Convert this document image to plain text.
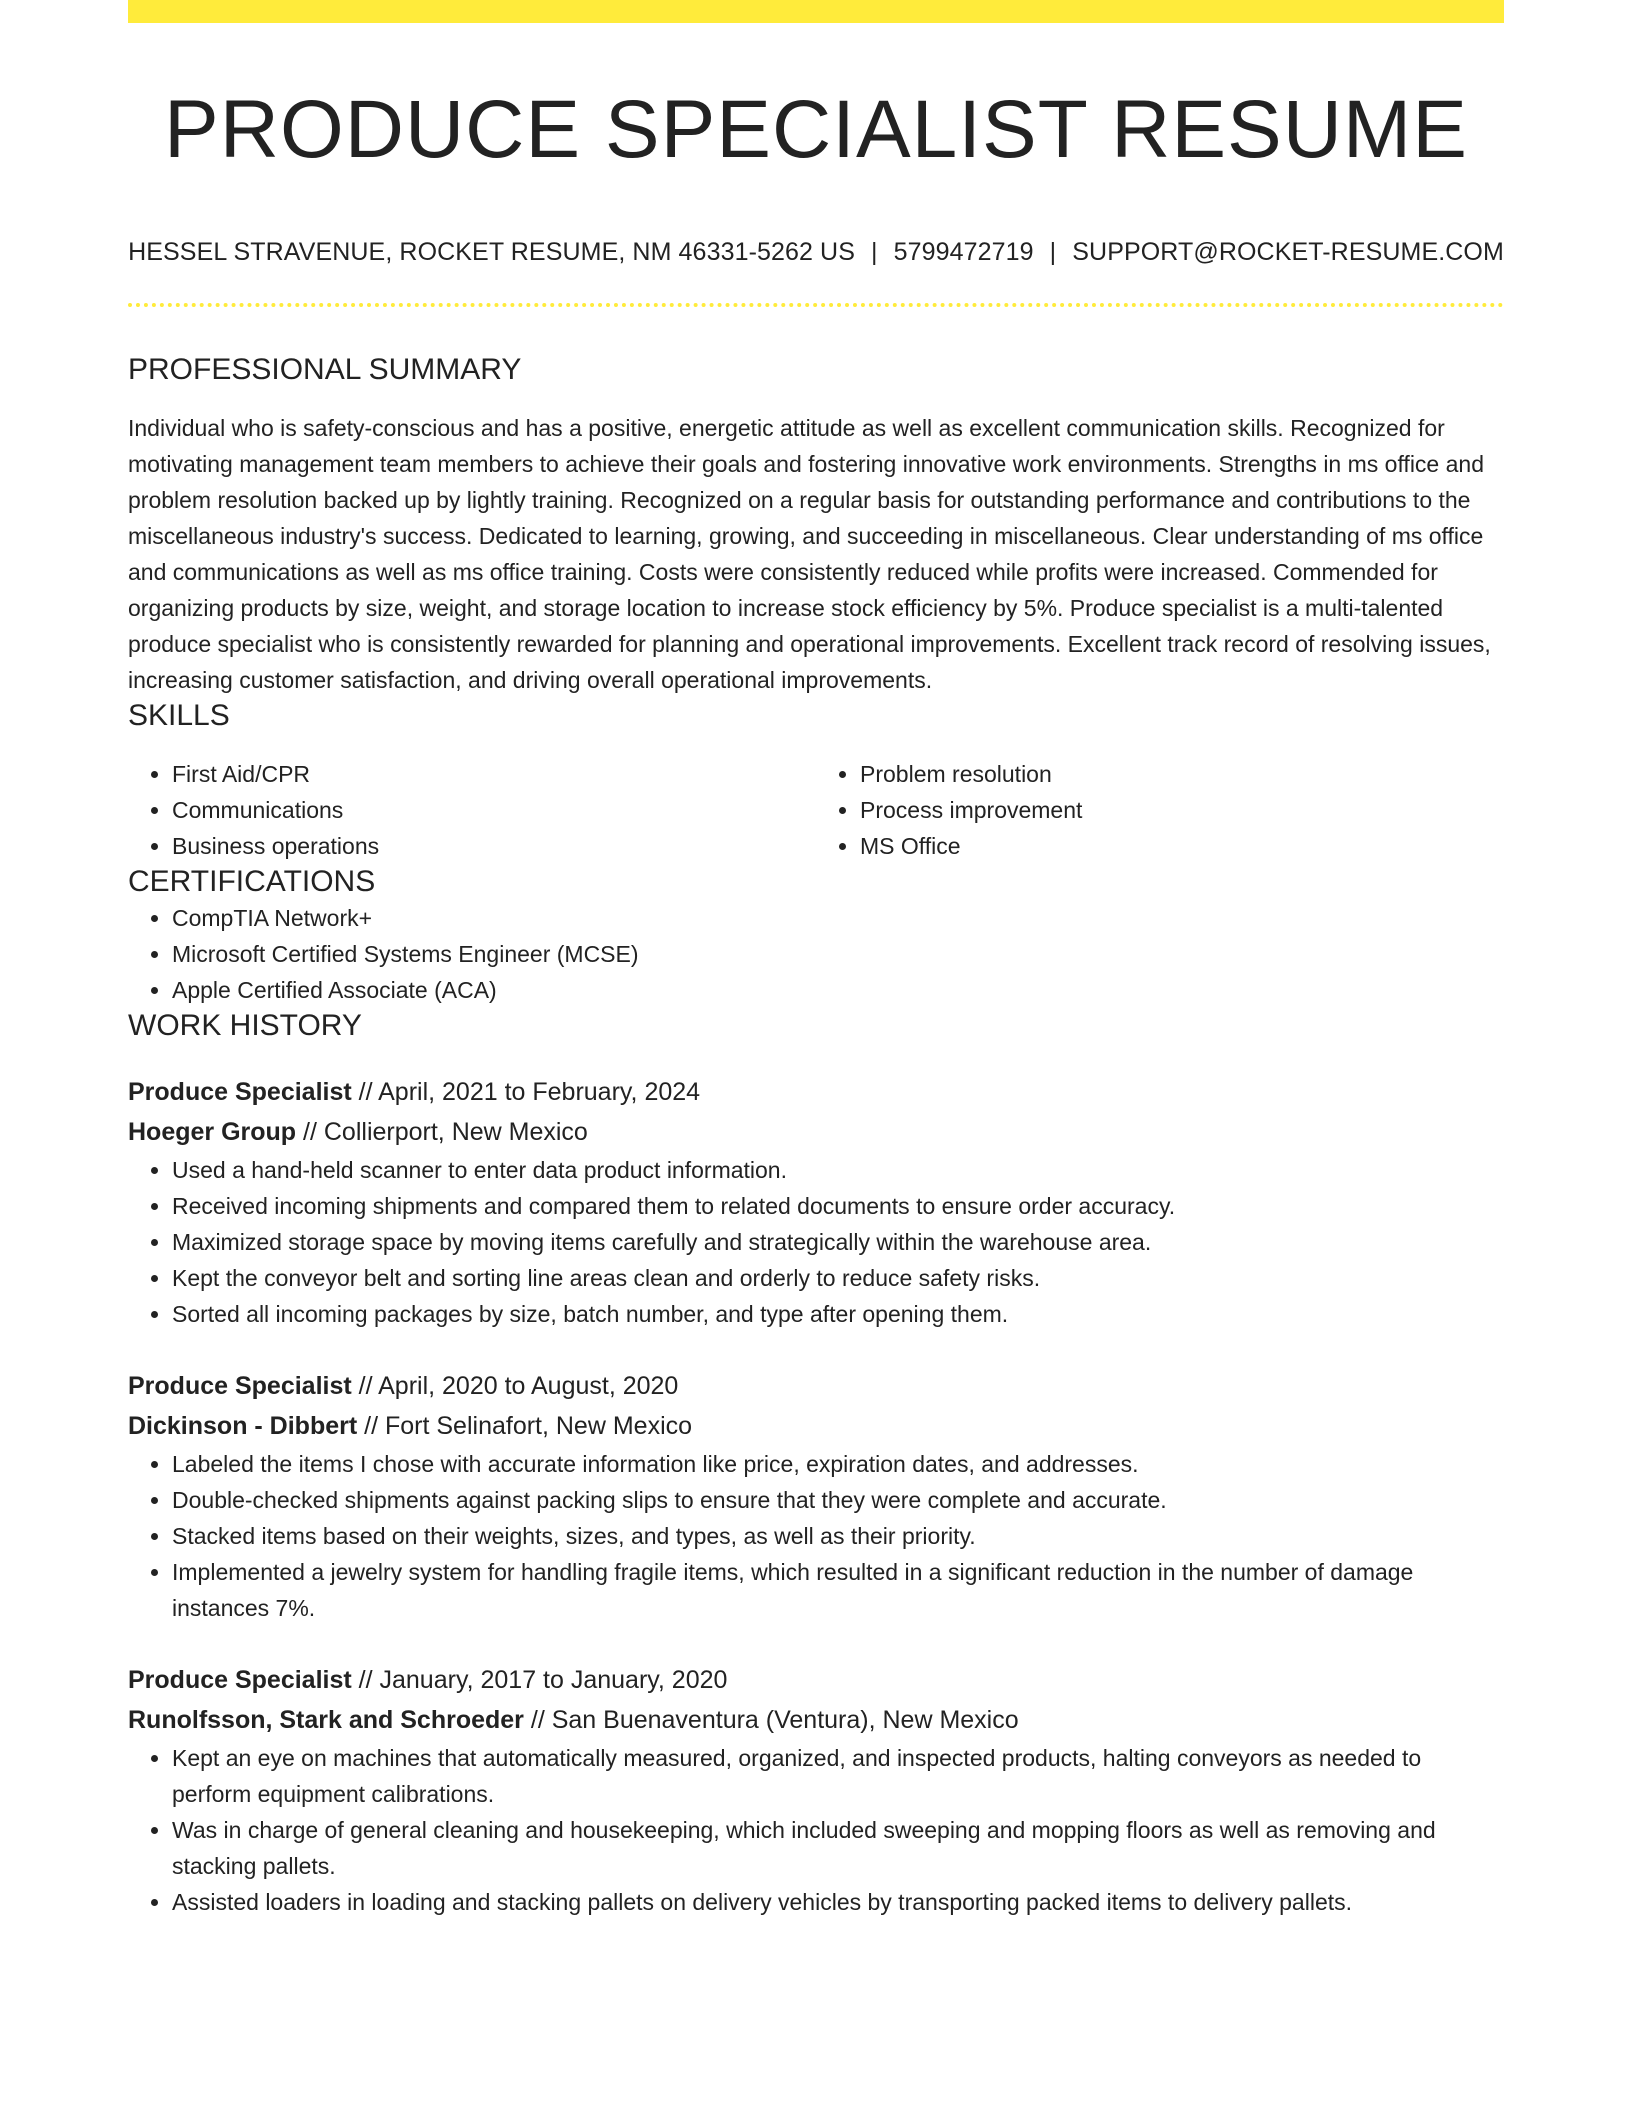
PRODUCE SPECIALIST RESUME
HESSEL STRAVENUE, ROCKET RESUME, NM 46331-5262 US | 5799472719 | SUPPORT@ROCKET-RESUME.COM
PROFESSIONAL SUMMARY

Individual who is safety-conscious and has a positive, energetic attitude as well as excellent communication skills. Recognized for motivating management team members to achieve their goals and fostering innovative work environments. Strengths in ms office and problem resolution backed up by lightly training. Recognized on a regular basis for outstanding performance and contributions to the miscellaneous industry's success. Dedicated to learning, growing, and succeeding in miscellaneous. Clear understanding of ms office and communications as well as ms office training. Costs were consistently reduced while profits were increased. Commended for organizing products by size, weight, and storage location to increase stock efficiency by 5%. Produce specialist is a multi-talented produce specialist who is consistently rewarded for planning and operational improvements. Excellent track record of resolving issues, increasing customer satisfaction, and driving overall operational improvements.

SKILLS
• First Aid/CPR
• Communications
• Business operations
• Problem resolution
• Process improvement
• MS Office
CERTIFICATIONS
• CompTIA Network+
• Microsoft Certified Systems Engineer (MCSE)
• Apple Certified Associate (ACA)
WORK HISTORY
Produce Specialist // April, 2021 to February, 2024
Hoeger Group // Collierport, New Mexico
• Used a hand-held scanner to enter data product information.
• Received incoming shipments and compared them to related documents to ensure order accuracy.
• Maximized storage space by moving items carefully and strategically within the warehouse area.
• Kept the conveyor belt and sorting line areas clean and orderly to reduce safety risks.
• Sorted all incoming packages by size, batch number, and type after opening them.
Produce Specialist // April, 2020 to August, 2020
Dickinson - Dibbert // Fort Selinafort, New Mexico
• Labeled the items I chose with accurate information like price, expiration dates, and addresses.
• Double-checked shipments against packing slips to ensure that they were complete and accurate.
• Stacked items based on their weights, sizes, and types, as well as their priority.
• Implemented a jewelry system for handling fragile items, which resulted in a significant reduction in the number of damage instances 7%.
Produce Specialist // January, 2017 to January, 2020
Runolfsson, Stark and Schroeder // San Buenaventura (Ventura), New Mexico
• Kept an eye on machines that automatically measured, organized, and inspected products, halting conveyors as needed to perform equipment calibrations.
• Was in charge of general cleaning and housekeeping, which included sweeping and mopping floors as well as removing and stacking pallets.
• Assisted loaders in loading and stacking pallets on delivery vehicles by transporting packed items to delivery pallets.
